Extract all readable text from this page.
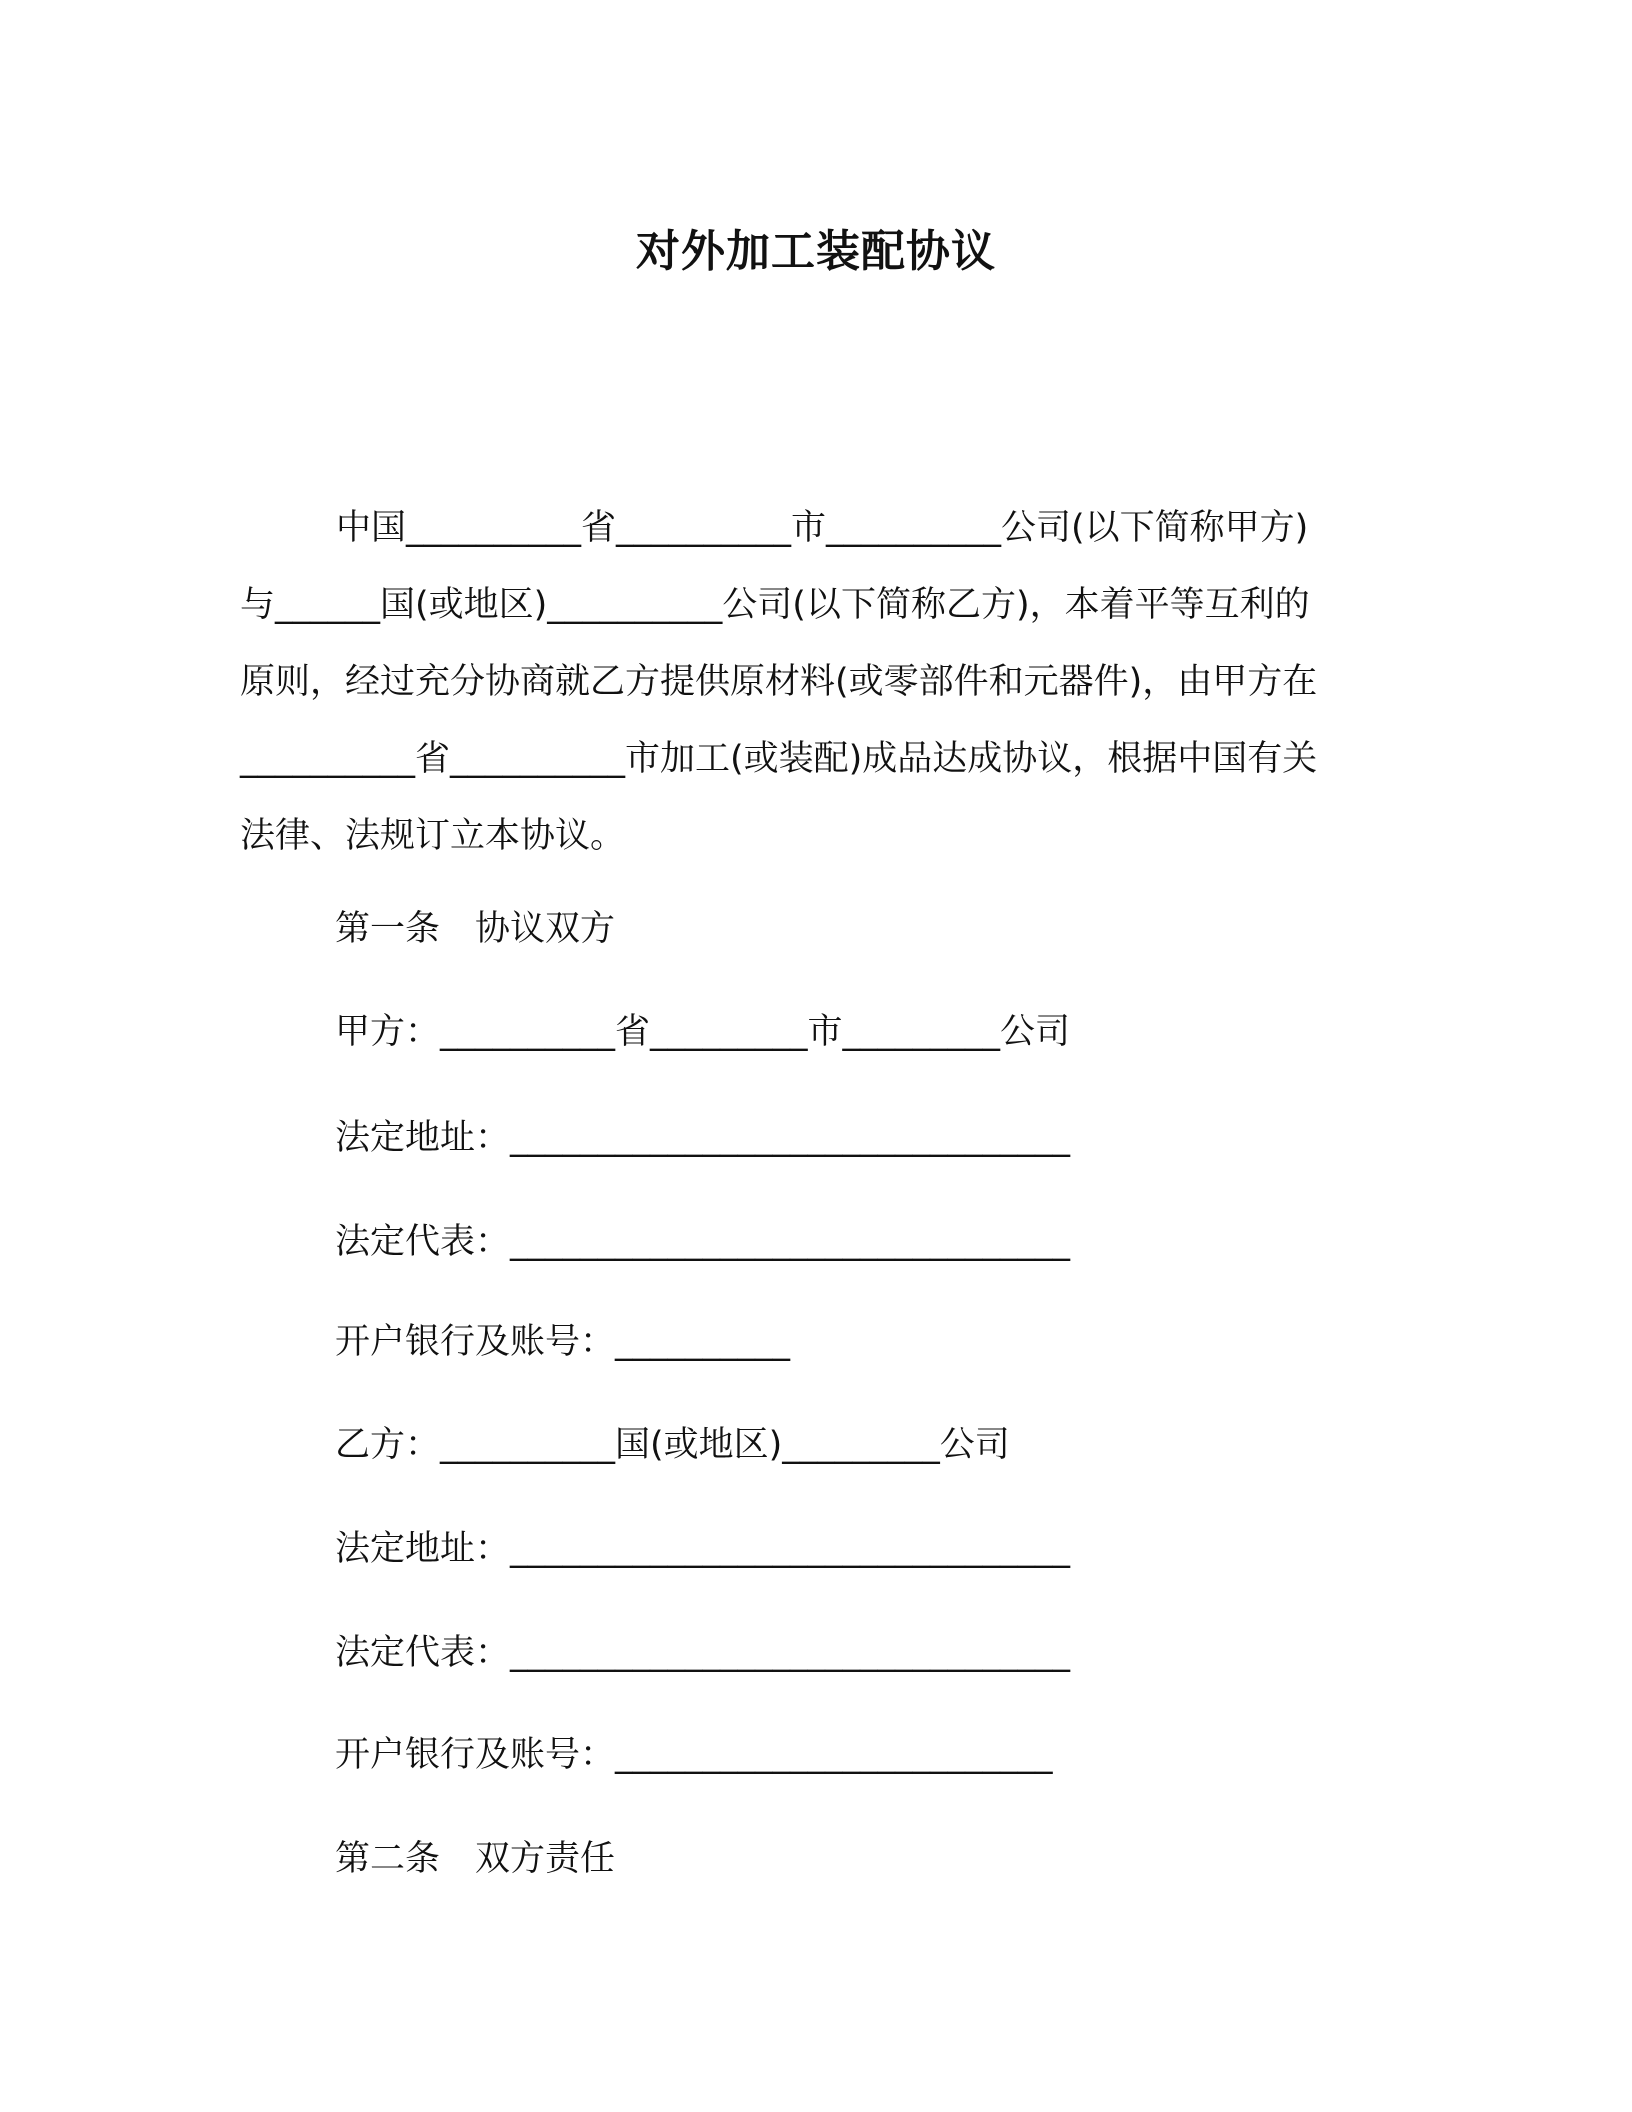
对外加工装配协议
中国__________省__________市__________公司(以下简称甲方)
与______国(或地区)__________公司(以下简称乙方)，本着平等互利的
原则，经过充分协商就乙方提供原材料(或零部件和元器件)，由甲方在
__________省__________市加工(或装配)成品达成协议，根据中国有关
法律、法规订立本协议。
第一条　协议双方
甲方：__________省_________市_________公司
法定地址：________________________________
法定代表：________________________________
开户银行及账号：__________
乙方：__________国(或地区)_________公司
法定地址：________________________________
法定代表：________________________________
开户银行及账号：_________________________
第二条　双方责任
